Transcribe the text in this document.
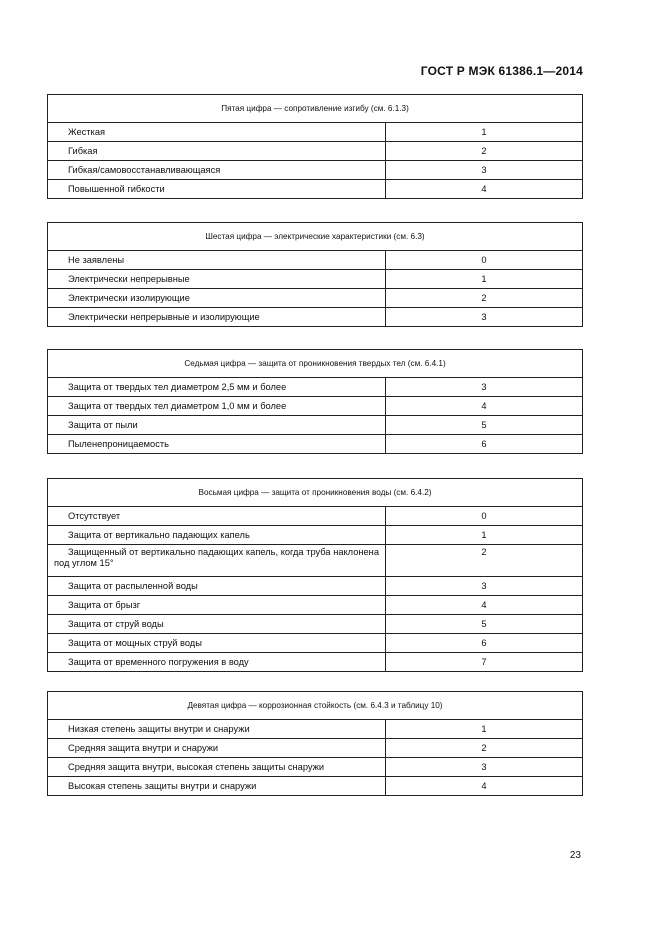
ГОСТ Р МЭК 61386.1—2014
Пятая цифра — сопротивление изгибу (см. 6.1.3)	
Жесткая	1
Гибкая	2
Гибкая/самовосстанавливающаяся	3
Повышенной гибкости	4
Шестая цифра — электрические характеристики (см. 6.3)	
Не заявлены	0
Электрически непрерывные	1
Электрически изолирующие	2
Электрически непрерывные и изолирующие	3
Седьмая цифра — защита от проникновения твердых тел (см. 6.4.1)	
Защита от твердых тел диаметром 2,5 мм и более	3
Защита от твердых тел диаметром 1,0 мм и более	4
Защита от пыли	5
Пыленепроницаемость	6
Восьмая цифра — защита от проникновения воды (см. 6.4.2)	
Отсутствует	0
Защита от вертикально падающих капель	1
Защищенный от вертикально падающих капель, когда труба наклонена под углом 15°	2
Защита от распыленной воды	3
Защита от брызг	4
Защита от струй воды	5
Защита от мощных струй воды	6
Защита от временного погружения в воду	7
Девятая цифра — коррозионная стойкость (см. 6.4.3 и таблицу 10)	
Низкая степень защиты внутри и снаружи	1
Средняя защита внутри и снаружи	2
Средняя защита внутри, высокая степень защиты снаружи	3
Высокая степень защиты внутри и снаружи	4
23
